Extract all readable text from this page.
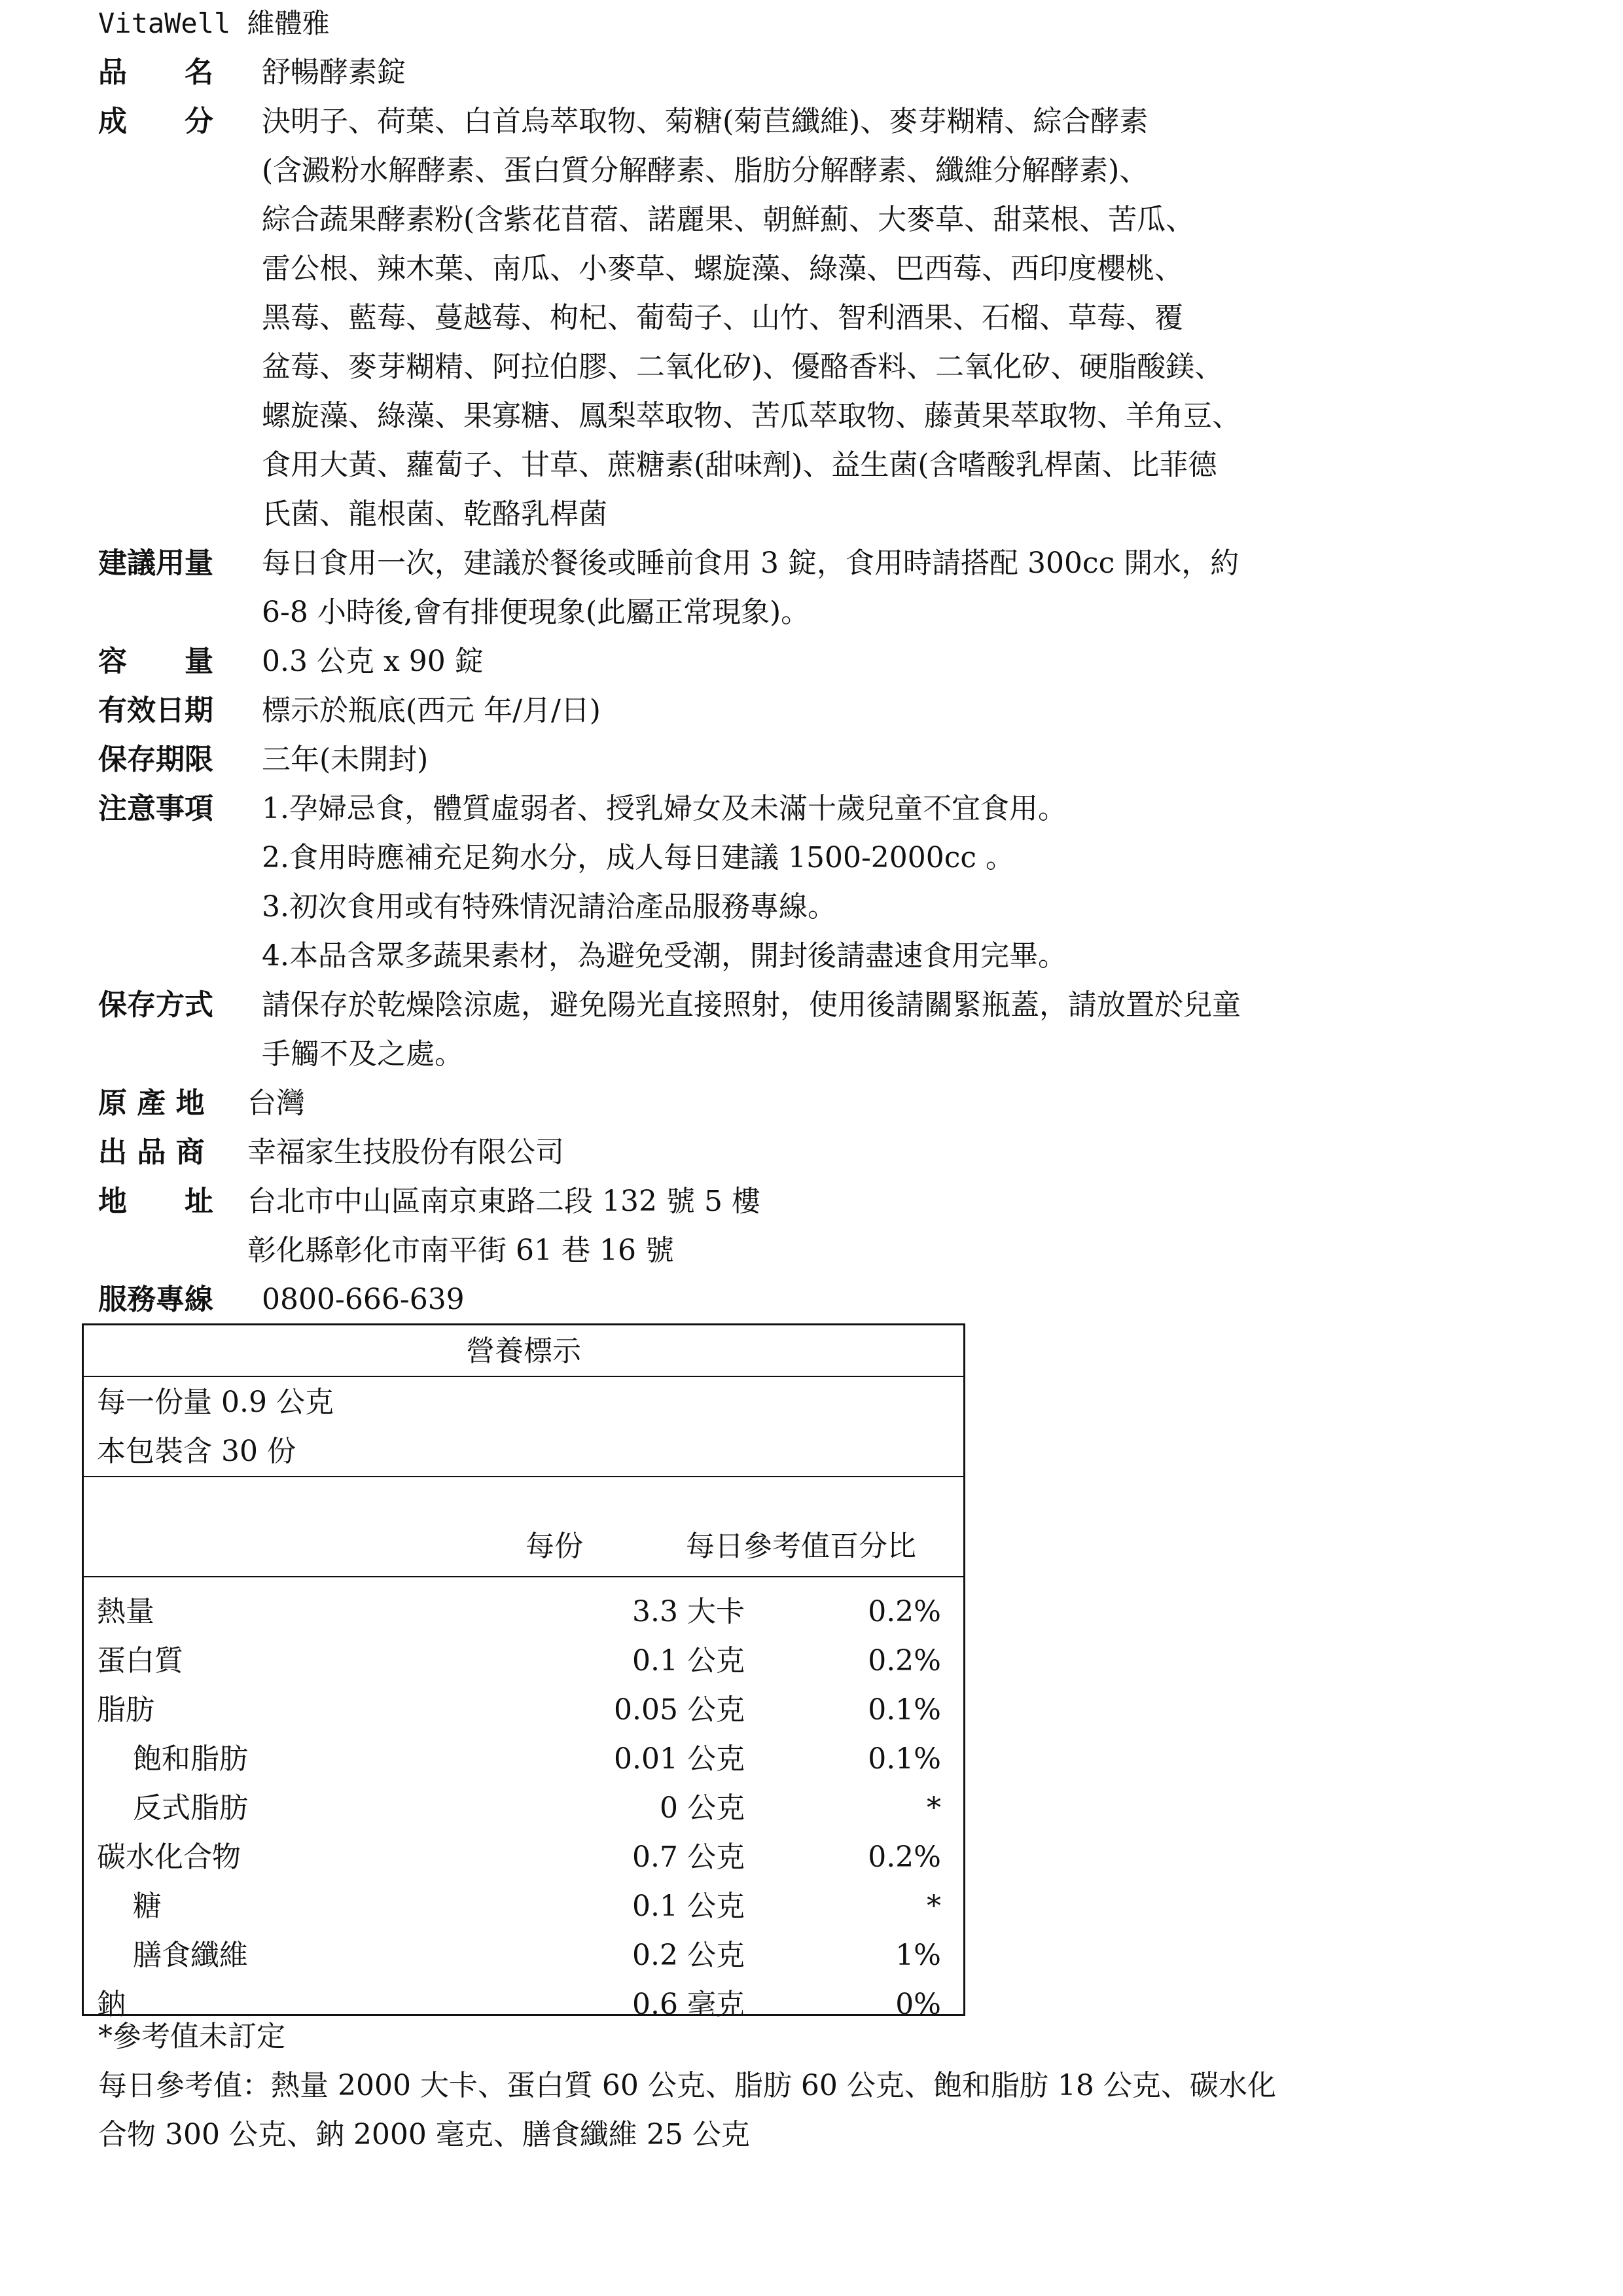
VitaWell 維體雅
品　　名 舒暢酵素錠
成　　分 決明子、荷葉、白首烏萃取物、菊糖(菊苣纖維)、麥芽糊精、綜合酵素
(含澱粉水解酵素、蛋白質分解酵素、脂肪分解酵素、纖維分解酵素)、
綜合蔬果酵素粉(含紫花苜蓿、諾麗果、朝鮮薊、大麥草、甜菜根、苦瓜、
雷公根、辣木葉、南瓜、小麥草、螺旋藻、綠藻、巴西莓、西印度櫻桃、
黑莓、藍莓、蔓越莓、枸杞、葡萄子、山竹、智利酒果、石榴、草莓、覆
盆莓、麥芽糊精、阿拉伯膠、二氧化矽)、優酪香料、二氧化矽、硬脂酸鎂、
螺旋藻、綠藻、果寡糖、鳳梨萃取物、苦瓜萃取物、藤黃果萃取物、羊角豆、
食用大黃、蘿蔔子、甘草、蔗糖素(甜味劑)、益生菌(含嗜酸乳桿菌、比菲德
氏菌、龍根菌、乾酪乳桿菌
建議用量 每日食用一次，建議於餐後或睡前食用 3 錠，食用時請搭配 300cc 開水，約
6-8 小時後,會有排便現象(此屬正常現象)。
容　　量 0.3 公克 x 90 錠
有效日期 標示於瓶底(西元 年/月/日)
保存期限 三年(未開封)
注意事項 1.孕婦忌食，體質虛弱者、授乳婦女及未滿十歲兒童不宜食用。
2.食用時應補充足夠水分，成人每日建議 1500-2000cc 。
3.初次食用或有特殊情況請洽產品服務專線。
4.本品含眾多蔬果素材，為避免受潮，開封後請盡速食用完畢。
保存方式 請保存於乾燥陰涼處，避免陽光直接照射，使用後請關緊瓶蓋，請放置於兒童
手觸不及之處。
原 產 地 台灣
出 品 商 幸福家生技股份有限公司
地　　址 台北市中山區南京東路二段 132 號 5 樓
彰化縣彰化市南平街 61 巷 16 號
服務專線 0800-666-639
營養標示
每一份量 0.9 公克
本包裝含 30 份
每份	每日參考值百分比
熱量	3.3 大卡	0.2%
蛋白質	0.1 公克	0.2%
脂肪	0.05 公克	0.1%
飽和脂肪	0.01 公克	0.1%
反式脂肪	0 公克	*
碳水化合物	0.7 公克	0.2%
糖	0.1 公克	*
膳食纖維	0.2 公克	1%
鈉	0.6 毫克	0%
*參考值未訂定
每日參考值：熱量 2000 大卡、蛋白質 60 公克、脂肪 60 公克、飽和脂肪 18 公克、碳水化
合物 300 公克、鈉 2000 毫克、膳食纖維 25 公克
